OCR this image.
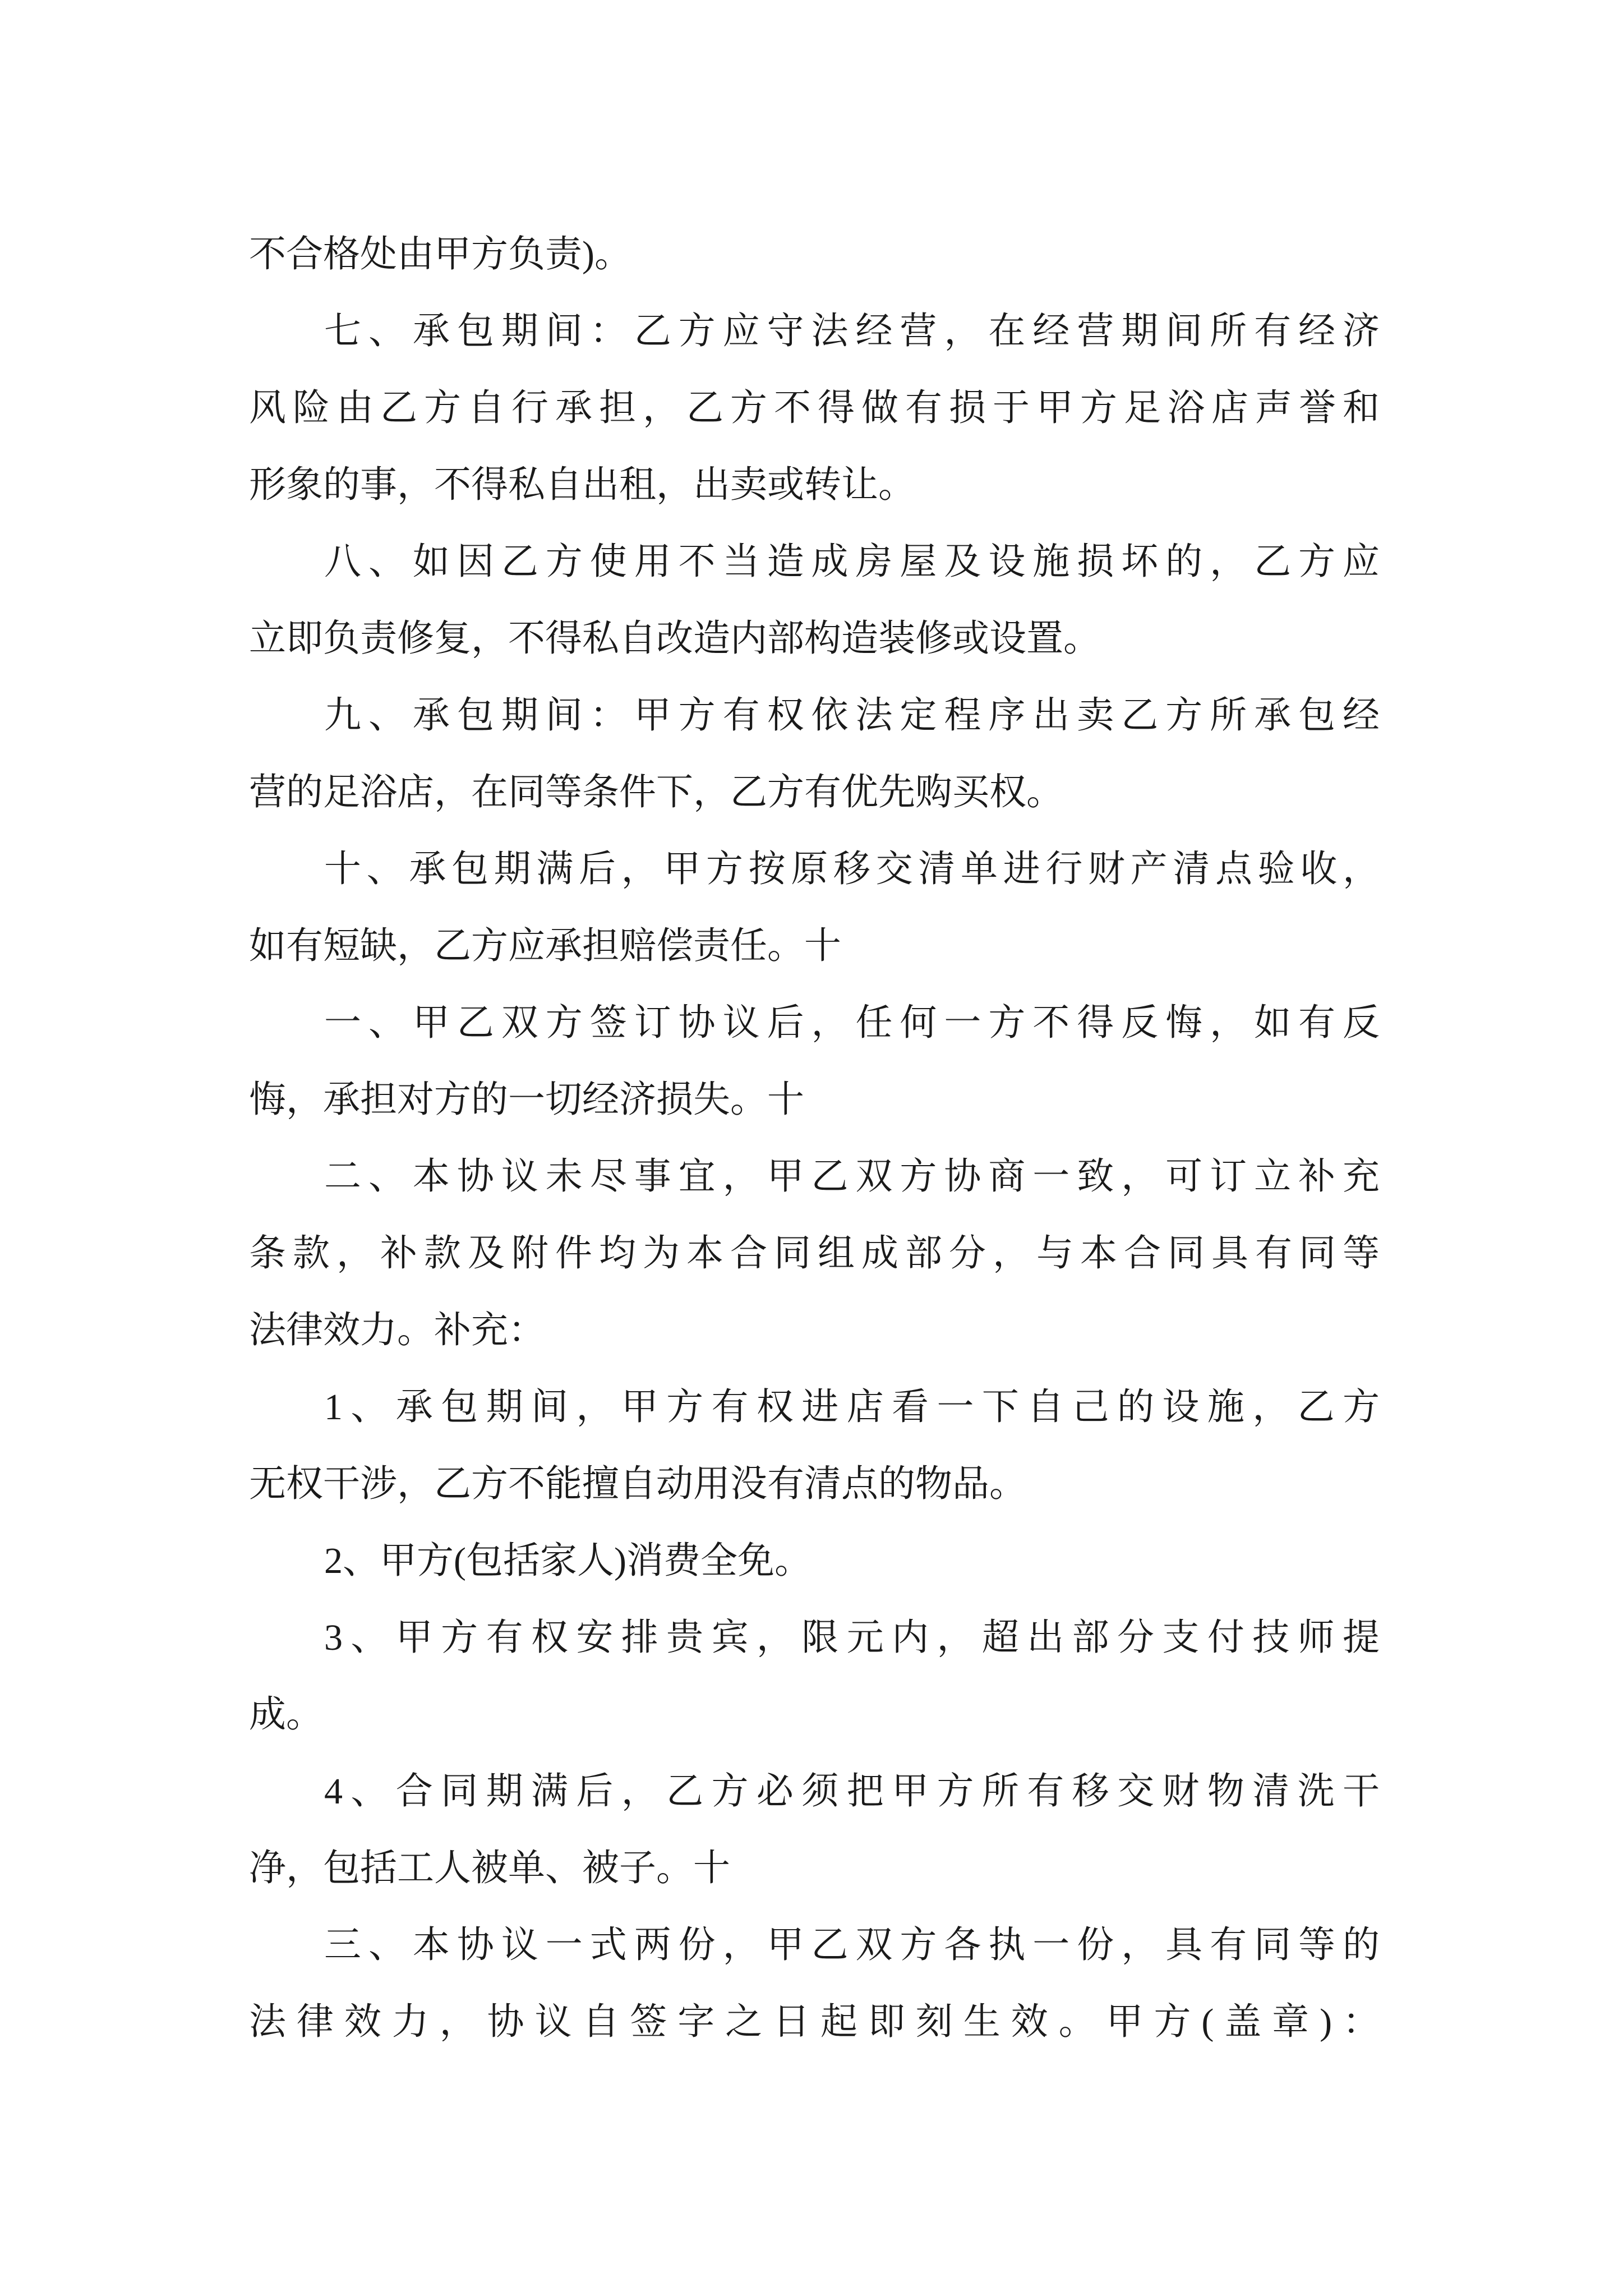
不合格处由甲方负责)。
七、承包期间：乙方应守法经营，在经营期间所有经济
风险由乙方自行承担，乙方不得做有损于甲方足浴店声誉和
形象的事，不得私自出租，出卖或转让。
八、如因乙方使用不当造成房屋及设施损坏的，乙方应
立即负责修复，不得私自改造内部构造装修或设置。
九、承包期间：甲方有权依法定程序出卖乙方所承包经
营的足浴店，在同等条件下，乙方有优先购买权。
十、承包期满后，甲方按原移交清单进行财产清点验收，
如有短缺，乙方应承担赔偿责任。十
一、甲乙双方签订协议后，任何一方不得反悔，如有反
悔，承担对方的一切经济损失。十
二、本协议未尽事宜，甲乙双方协商一致，可订立补充
条款，补款及附件均为本合同组成部分，与本合同具有同等
法律效力。补充：
1、承包期间，甲方有权进店看一下自己的设施，乙方
无权干涉，乙方不能擅自动用没有清点的物品。
2、甲方(包括家人)消费全免。
3、甲方有权安排贵宾，限元内，超出部分支付技师提
成。
4、合同期满后，乙方必须把甲方所有移交财物清洗干
净，包括工人被单、被子。十
三、本协议一式两份，甲乙双方各执一份，具有同等的
法律效力，协议自签字之日起即刻生效。甲方(盖章)：
